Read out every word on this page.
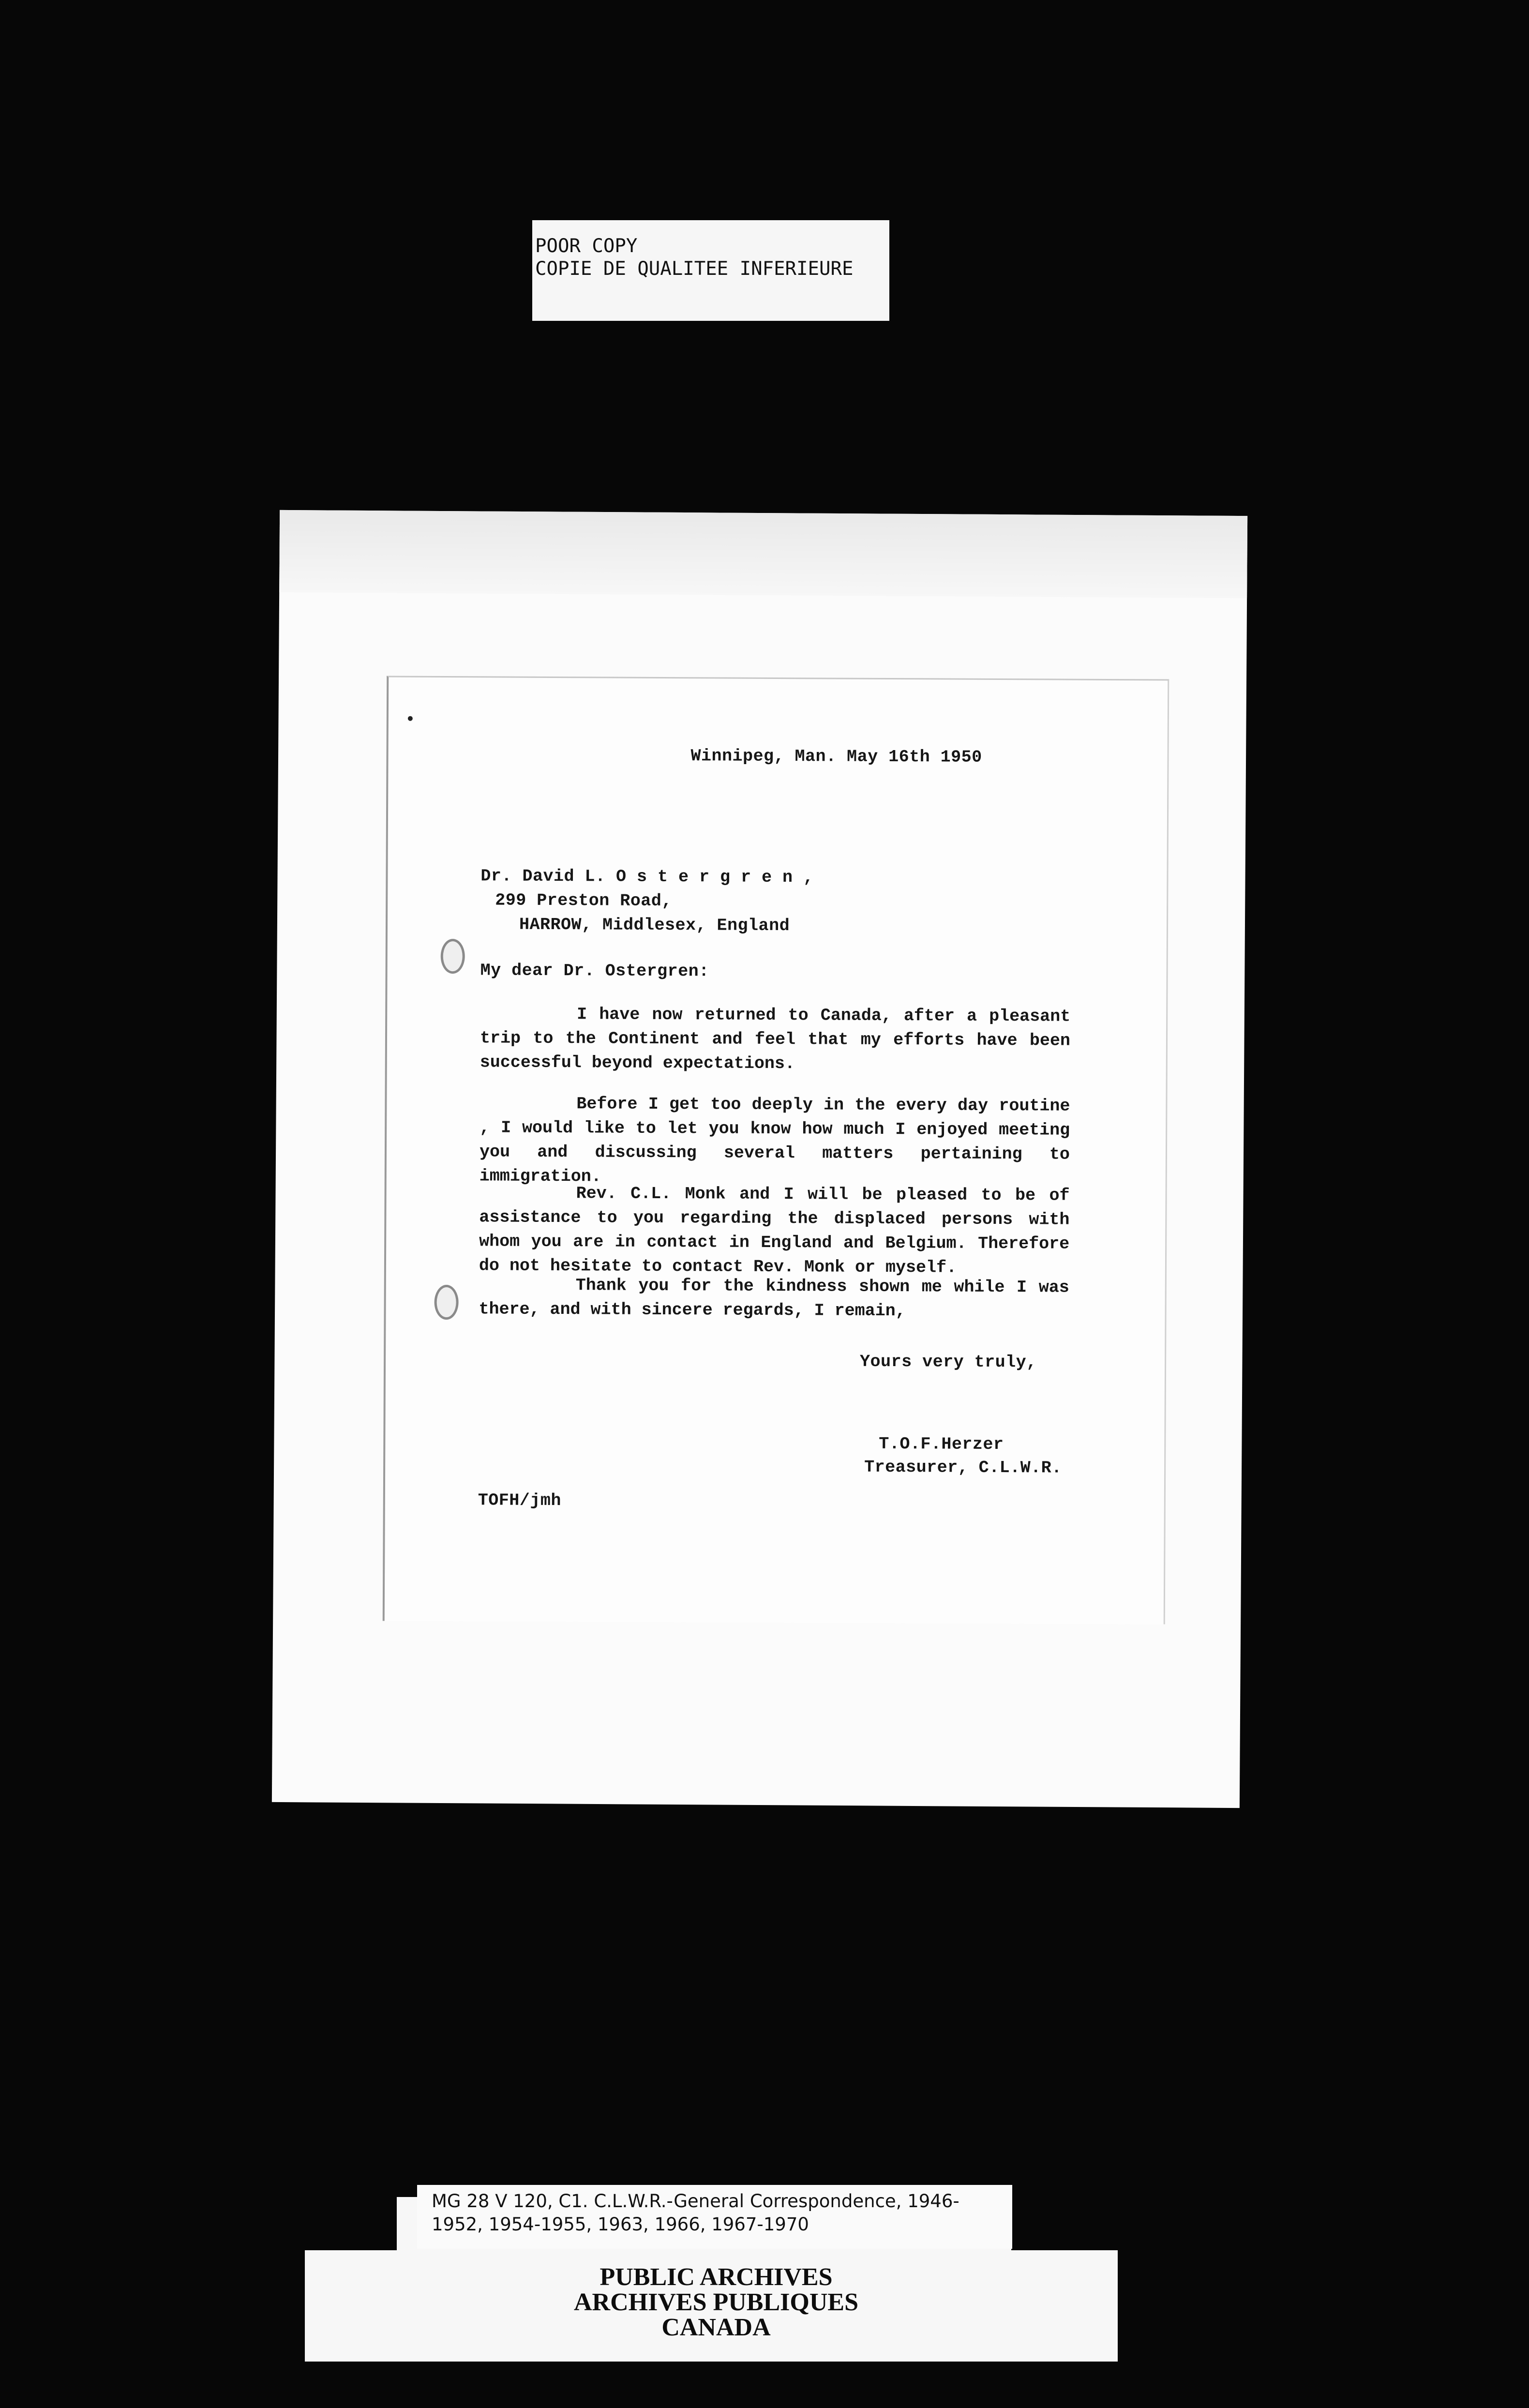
POOR COPY
COPIE DE QUALITEE INFERIEURE
Winnipeg, Man. May 16th 1950
Dr. David L. O s t e r g r e n ,
299 Preston Road,
HARROW, Middlesex, England
My dear Dr. Ostergren:

I have now returned to Canada, after a pleasant trip to the Continent and feel that my efforts have been successful beyond expectations.

Before I get too deeply in the every day routine , I would like to let you know how much I enjoyed meeting you and discussing several matters pertaining to immigration.

Rev. C.L. Monk and I will be pleased to be of assistance to you regarding the displaced persons with whom you are in contact in England and Belgium. Therefore do not hesitate to contact Rev. Monk or myself.

Thank you for the kindness shown me while I was there, and with sincere regards, I remain,

Yours very truly,
T.O.F.Herzer
Treasurer, C.L.W.R.
TOFH/jmh
MG 28 V 120, C1. C.L.W.R.-General Correspondence, 1946-
1952, 1954-1955, 1963, 1966, 1967-1970
PUBLIC ARCHIVES
ARCHIVES PUBLIQUES
CANADA
